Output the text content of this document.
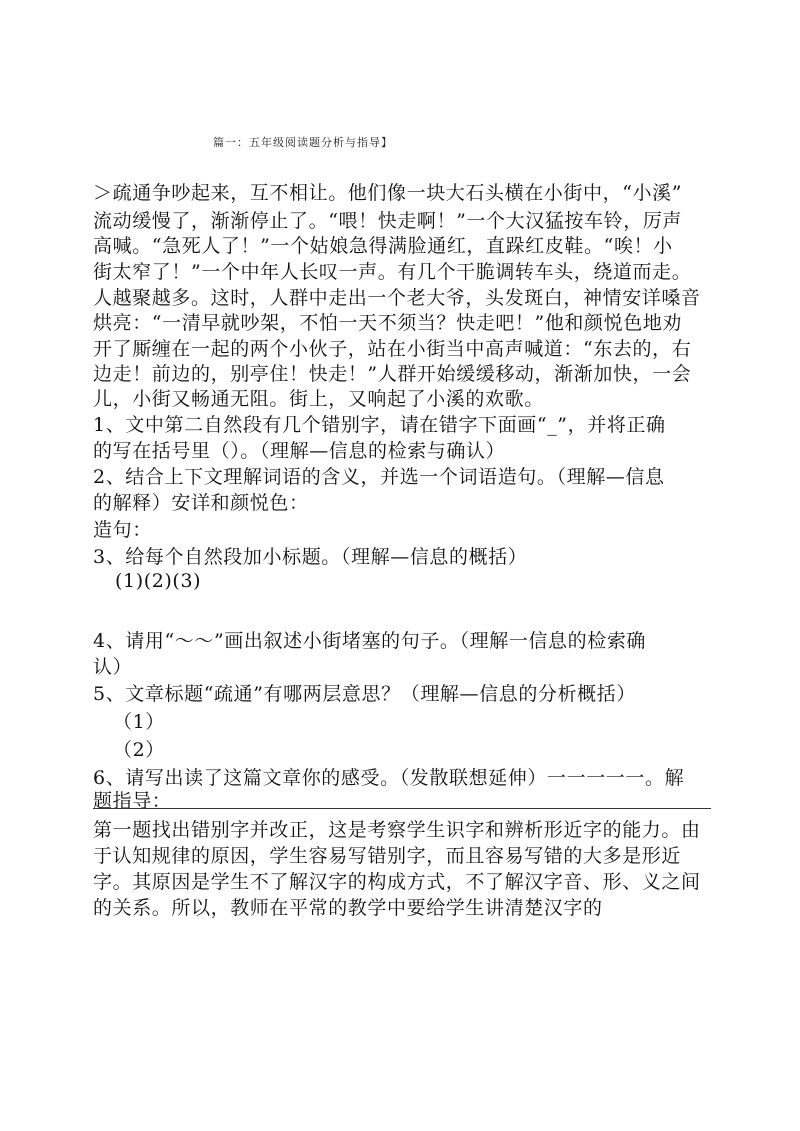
篇一：五年级阅读题分析与指导】
＞疏通争吵起来，互不相让。他们像一块大石头横在小街中，“小溪”
流动缓慢了，渐渐停止了。“喂！快走啊！”一个大汉猛按车铃，厉声
高喊。“急死人了！”一个姑娘急得满脸通红，直跺红皮鞋。“唉！小
街太窄了！”一个中年人长叹一声。有几个干脆调转车头，绕道而走。
人越聚越多。这时，人群中走出一个老大爷，头发斑白，神情安详嗓音
烘亮：“一清早就吵架，不怕一天不须当？快走吧！”他和颜悦色地劝
开了厮缠在一起的两个小伙子，站在小街当中高声喊道：“东去的，右
边走！前边的，别亭住！快走！”人群开始缓缓移动，渐渐加快，一会
儿，小街又畅通无阻。街上，又响起了小溪的欢歌。
1、文中第二自然段有几个错别字，请在错字下面画“_”，并将正确
的写在括号里（）。（理解—信息的检索与确认）
2、结合上下文理解词语的含义，并选一个词语造句。（理解—信息
的解释）安详和颜悦色：
造句：
3、给每个自然段加小标题。（理解—信息的概括）
(1)(2)(3)
4、请用“～～”画出叙述小街堵塞的句子。（理解一信息的检索确
认）
5、文章标题“疏通”有哪两层意思？（理解—信息的分析概括）
（1）
（2）
6、请写出读了这篇文章你的感受。（发散联想延伸）一一一一一。解
题指导：
第一题找出错别字并改正，这是考察学生识字和辨析形近字的能力。由
于认知规律的原因，学生容易写错别字，而且容易写错的大多是形近
字。其原因是学生不了解汉字的构成方式，不了解汉字音、形、义之间
的关系。所以，教师在平常的教学中要给学生讲清楚汉字的
